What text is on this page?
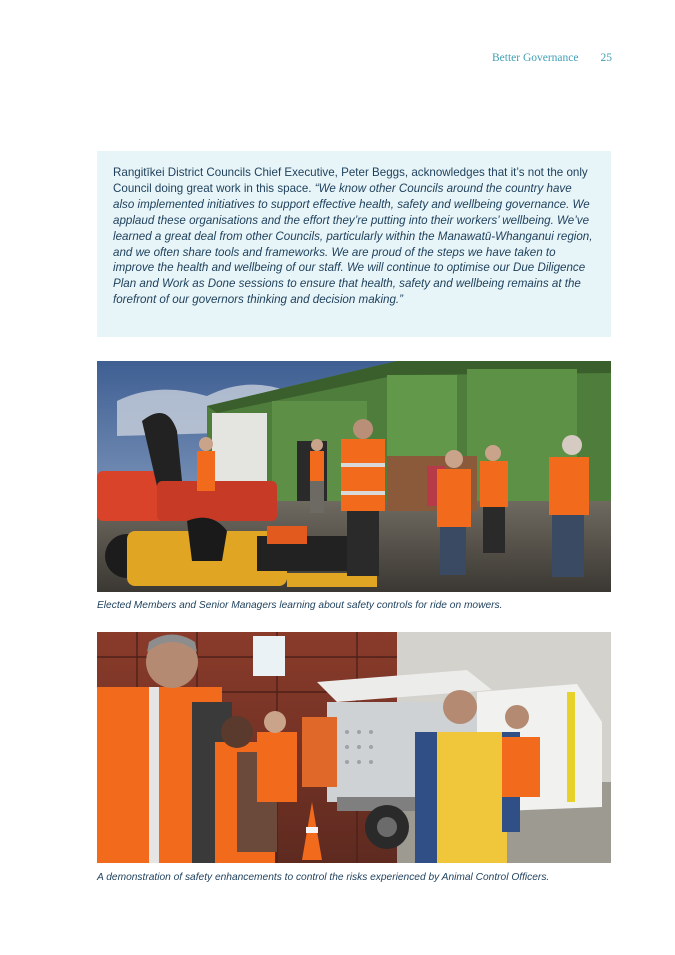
Better Governance 25

Rangitīkei District Councils Chief Executive, Peter Beggs, acknowledges that it’s not the only Council doing great work in this space. “We know other Councils around the country have also implemented initiatives to support effective health, safety and wellbeing governance. We applaud these organisations and the effort they’re putting into their workers’ wellbeing. We’ve learned a great deal from other Councils, particularly within the Manawatū-Whanganui region, and we often share tools and frameworks. We are proud of the steps we have taken to improve the health and wellbeing of our staff. We will continue to optimise our Due Diligence Plan and Work as Done sessions to ensure that health, safety and wellbeing remains at the forefront of our governors thinking and decision making.”

Elected Members and Senior Managers learning about safety controls for ride on mowers.
A demonstration of safety enhancements to control the risks experienced by Animal Control Officers.
